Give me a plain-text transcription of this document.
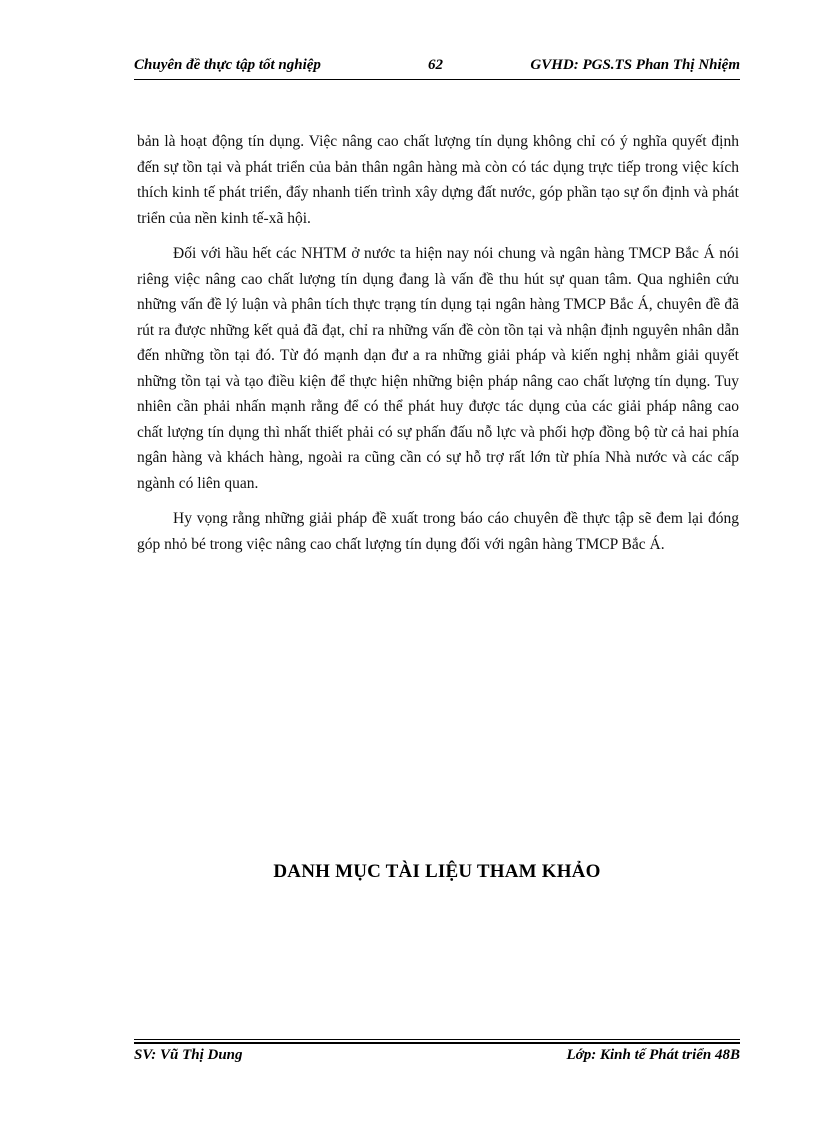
Chuyên đề thực tập tốt nghiệp	62	GVHD: PGS.TS Phan Thị Nhiệm

bản là hoạt động tín dụng. Việc nâng cao chất lượng tín dụng không chỉ có ý nghĩa quyết định đến sự tồn tại và phát triển của bản thân ngân hàng mà còn có tác dụng trực tiếp trong việc kích thích kinh tế phát triển, đẩy nhanh tiến trình xây dựng đất nước, góp phần tạo sự ổn định và phát triển của nền kinh tế-xã hội.

Đối với hầu hết các NHTM ở nước ta hiện nay nói chung và ngân hàng TMCP Bắc Á nói riêng việc nâng cao chất lượng tín dụng đang là vấn đề thu hút sự quan tâm. Qua nghiên cứu những vấn đề lý luận và phân tích thực trạng tín dụng tại ngân hàng TMCP Bắc Á, chuyên đề đã rút ra được những kết quả đã đạt, chỉ ra những vấn đề còn tồn tại và nhận định nguyên nhân dẫn đến những tồn tại đó. Từ đó mạnh dạn đư a ra những giải pháp và kiến nghị nhằm giải quyết những tồn tại và tạo điều kiện để thực hiện những biện pháp nâng cao chất lượng tín dụng. Tuy nhiên cần phải nhấn mạnh rằng để có thể phát huy được tác dụng của các giải pháp nâng cao chất lượng tín dụng thì nhất thiết phải có sự phấn đấu nỗ lực và phối hợp đồng bộ từ cả hai phía ngân hàng và khách hàng, ngoài ra cũng cần có sự hỗ trợ rất lớn từ phía Nhà nước và các cấp ngành có liên quan.

Hy vọng rằng những giải pháp đề xuất trong báo cáo chuyên đề thực tập sẽ đem lại đóng góp nhỏ bé trong việc nâng cao chất lượng tín dụng đối với ngân hàng TMCP Bắc Á.

DANH MỤC TÀI LIỆU THAM KHẢO
SV: Vũ Thị Dung	Lớp: Kinh tế Phát triển 48B
